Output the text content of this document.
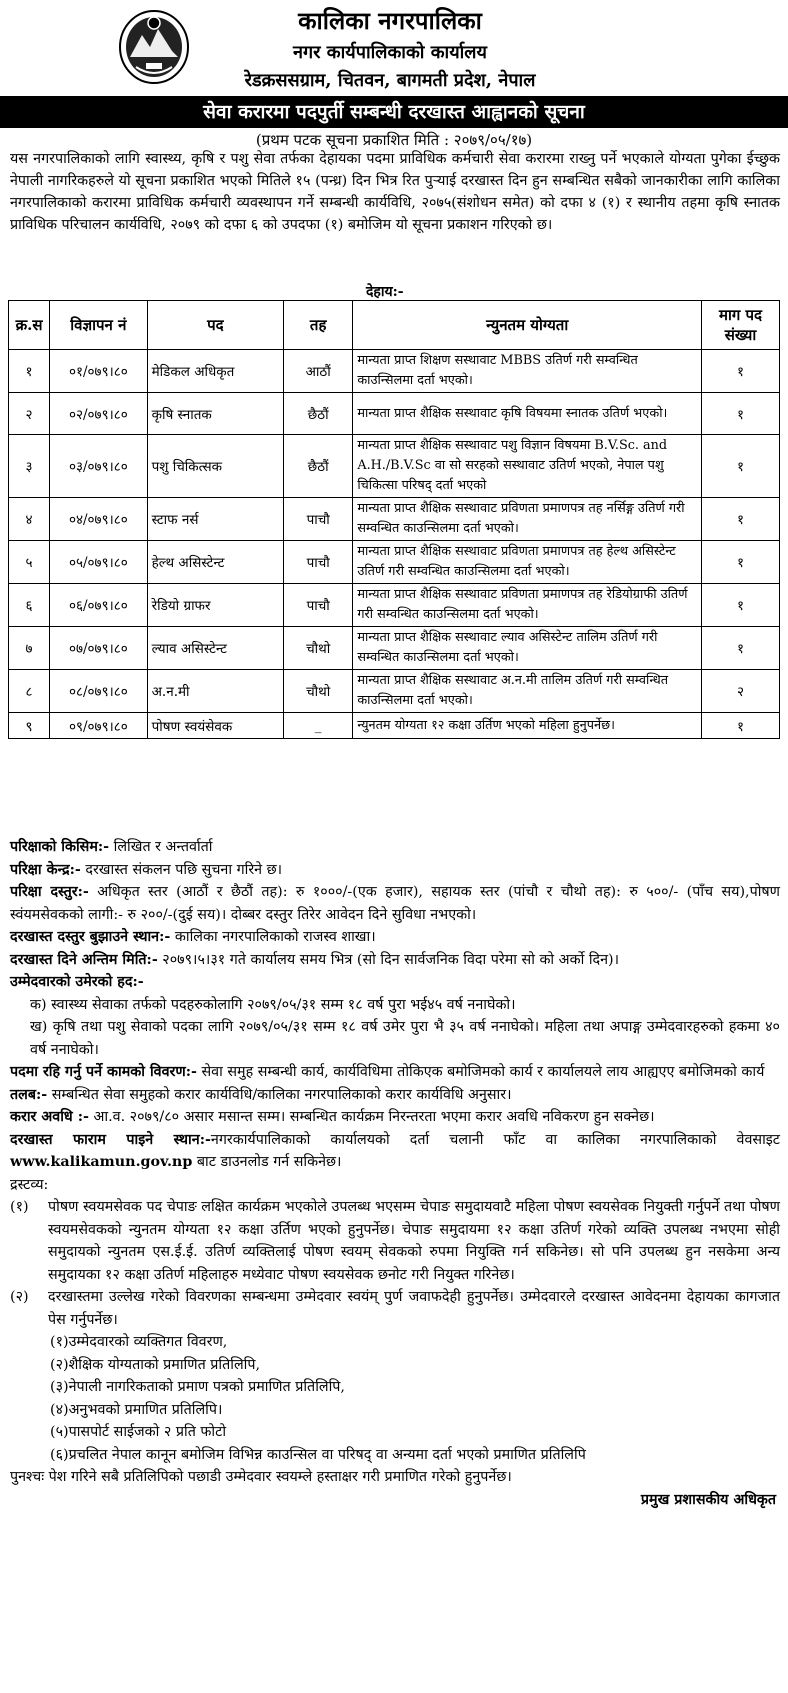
कालिका नगरपालिका
नगर कार्यपालिकाको कार्यालय
रेडक्रससग्राम, चितवन, बागमती प्रदेश, नेपाल
सेवा करारमा पदपुर्ती सम्बन्धी दरखास्त आह्वानको सूचना
(प्रथम पटक सूचना प्रकाशित मिति : २०७९/०५/१७)
यस नगरपालिकाको लागि स्वास्थ्य, कृषि र पशु सेवा तर्फका देहायका पदमा प्राविधिक कर्मचारी सेवा करारमा राख्नु पर्ने भएकाले योग्यता पुगेका ईच्छुक नेपाली नागरिकहरुले यो सूचना प्रकाशित भएको मितिले १५ (पन्ध्र) दिन भित्र रित पुऱ्याई दरखास्त दिन हुन सम्बन्धित सबैको जानकारीका लागि कालिका नगरपालिकाको करारमा प्राविधिक कर्मचारी व्यवस्थापन गर्ने सम्बन्धी कार्यविधि, २०७५(संशोधन समेत) को दफा ४ (१) र स्थानीय तहमा कृषि स्नातक प्राविधिक परिचालन कार्यविधि, २०७९ को दफा ६ को उपदफा (१) बमोजिम यो सूचना प्रकाशन गरिएको छ।
देहाय:-
क्र.स	विज्ञापन नं	पद	तह	न्युनतम योग्यता	माग पद संख्या
१	०१/०७९।८०	मेडिकल अधिकृत	आठौं	मान्यता प्राप्त शिक्षण सस्थावाट MBBS उतिर्ण गरी सम्वन्धित काउन्सिलमा दर्ता भएको।	१
२	०२/०७९।८०	कृषि स्नातक	छैठौं	मान्यता प्राप्त शैक्षिक सस्थावाट कृषि विषयमा स्नातक उतिर्ण भएको।	१
३	०३/०७९।८०	पशु चिकित्सक	छैठौं	मान्यता प्राप्त शैक्षिक सस्थावाट पशु विज्ञान विषयमा B.V.Sc. and A.H./B.V.Sc वा सो सरहको सस्थावाट उतिर्ण भएको, नेपाल पशु चिकित्सा परिषद् दर्ता भएको	१
४	०४/०७९।८०	स्टाफ नर्स	पाचौ	मान्यता प्राप्त शैक्षिक सस्थावाट प्रविणता प्रमाणपत्र तह नर्सिङ्ग उतिर्ण गरी सम्वन्धित काउन्सिलमा दर्ता भएको।	१
५	०५/०७९।८०	हेल्थ असिस्टेन्ट	पाचौ	मान्यता प्राप्त शैक्षिक सस्थावाट प्रविणता प्रमाणपत्र तह हेल्थ असिस्टेन्ट उतिर्ण गरी सम्वन्धित काउन्सिलमा दर्ता भएको।	१
६	०६/०७९।८०	रेडियो ग्राफर	पाचौ	मान्यता प्राप्त शैक्षिक सस्थावाट प्रविणता प्रमाणपत्र तह रेडियोग्राफी उतिर्ण गरी सम्वन्धित काउन्सिलमा दर्ता भएको।	१
७	०७/०७९।८०	ल्याव असिस्टेन्ट	चौथो	मान्यता प्राप्त शैक्षिक सस्थावाट ल्याव असिस्टेन्ट तालिम उतिर्ण गरी सम्वन्धित काउन्सिलमा दर्ता भएको।	१
८	०८/०७९।८०	अ.न.मी	चौथो	मान्यता प्राप्त शैक्षिक सस्थावाट अ.न.मी तालिम उतिर्ण गरी सम्वन्धित काउन्सिलमा दर्ता भएको।	२
९	०९/०७९।८०	पोषण स्वयंसेवक	_	न्युनतम योग्यता १२ कक्षा उर्तिण भएको महिला हुनुपर्नेछ।	१

परिक्षाको किसिम:- लिखित र अन्तर्वार्ता

परिक्षा केन्द्र:- दरखास्त संकलन पछि सुचना गरिने छ।

परिक्षा दस्तुर:- अधिकृत स्तर (आठौं र छैठौं तह): रु १०००/-(एक हजार), सहायक स्तर (पांचौ र चौथो तह): रु ५००/- (पाँच सय),पोषण स्वंयमसेवकको लागी:- रु २००/-(दुई सय)। दोब्बर दस्तुर तिरेर आवेदन दिने सुविधा नभएको।

दरखास्त दस्तुर बुझाउने स्थान:- कालिका नगरपालिकाको राजस्व शाखा।

दरखास्त दिने अन्तिम मिति:- २०७९।५।३१ गते कार्यालय समय भित्र (सो दिन सार्वजनिक विदा परेमा सो को अर्को दिन)।

उम्मेदवारको उमेरको हद:-

क) स्वास्थ्य सेवाका तर्फको पदहरुकोलागि २०७९/०५/३१ सम्म १८ वर्ष पुरा भई४५ वर्ष ननाघेको।

ख) कृषि तथा पशु सेवाको पदका लागि २०७९/०५/३१ सम्म १८ वर्ष उमेर पुरा भै ३५ वर्ष ननाघेको। महिला तथा अपाङ्ग उम्मेदवारहरुको हकमा ४० वर्ष ननाघेको।

पदमा रहि गर्नु पर्ने कामको विवरण:- सेवा समुह सम्बन्धी कार्य, कार्यविधिमा तोकिएक बमोजिमको कार्य र कार्यालयले लाय आह्यएए बमोजिमको कार्य

तलब:- सम्बन्धित सेवा समुहको करार कार्यविधि/कालिका नगरपालिकाको करार कार्यविधि अनुसार।

करार अवधि :- आ.व. २०७९/८० असार मसान्त सम्म। सम्बन्धित कार्यक्रम निरन्तरता भएमा करार अवधि नविकरण हुन सक्नेछ।

दरखास्त फाराम पाइने स्थान:-नगरकार्यपालिकाको कार्यालयको दर्ता चलानी फाँट वा कालिका नगरपालिकाको वेवसाइट www.kalikamun.gov.np बाट डाउनलोड गर्न सकिनेछ।

द्रस्टव्य:

(१)	पोषण स्वयमसेवक पद चेपाङ लक्षित कार्यक्रम भएकोले उपलब्ध भएसम्म चेपाङ समुदायवाटै महिला पोषण स्वयसेवक नियुक्ती गर्नुपर्ने तथा पोषण स्वयमसेवकको न्युनतम योग्यता १२ कक्षा उर्तिण भएको हुनुपर्नेछ। चेपाङ समुदायमा १२ कक्षा उतिर्ण गरेको व्यक्ति उपलब्ध नभएमा सोही समुदायको न्युनतम एस.ई.ई. उतिर्ण व्यक्तिलाई पोषण स्वयम् सेवकको रुपमा नियुक्ति गर्न सकिनेछ। सो पनि उपलब्ध हुन नसकेमा अन्य समुदायका १२ कक्षा उतिर्ण महिलाहरु मध्येवाट पोषण स्वयसेवक छनोट गरी नियुक्त गरिनेछ।
(२)	दरखास्तमा उल्लेख गरेको विवरणका सम्बन्धमा उम्मेदवार स्वयंम् पुर्ण जवाफदेही हुनुपर्नेछ। उम्मेदवारले दरखास्त आवेदनमा देहायका कागजात पेस गर्नुपर्नेछ।

(१)उम्मेदवारको व्यक्तिगत विवरण,

(२)शैक्षिक योग्यताको प्रमाणित प्रतिलिपि,

(३)नेपाली नागरिकताको प्रमाण पत्रको प्रमाणित प्रतिलिपि,

(४)अनुभवको प्रमाणित प्रतिलिपि।

(५)पासपोर्ट साईजको २ प्रति फोटो

(६)प्रचलित नेपाल कानून बमोजिम विभिन्न काउन्सिल वा परिषद् वा अन्यमा दर्ता भएको प्रमाणित प्रतिलिपि

पुनश्चः पेश गरिने सबै प्रतिलिपिको पछाडी उम्मेदवार स्वयम्ले हस्ताक्षर गरी प्रमाणित गरेको हुनुपर्नेछ।

प्रमुख प्रशासकीय अधिकृत
